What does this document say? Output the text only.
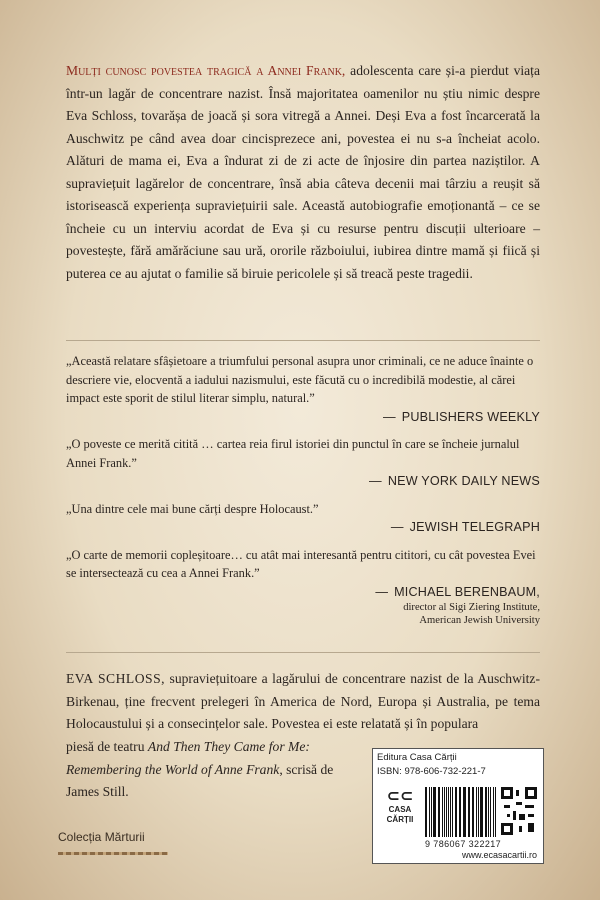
Mulți cunosc povestea tragică a Annei Frank, adolescenta care și-a pierdut viața într-un lagăr de concentrare nazist. Însă majoritatea oamenilor nu știu nimic despre Eva Schloss, tovarășa de joacă și sora vitregă a Annei. Deși Eva a fost încarcerată la Auschwitz pe când avea doar cincisprezece ani, povestea ei nu s-a încheiat acolo. Alături de mama ei, Eva a îndurat zi de zi acte de înjosire din partea naziștilor. A supraviețuit lagărelor de concentrare, însă abia câteva decenii mai târziu a reușit să istorisească experiența supraviețuirii sale. Această autobiografie emoționantă – ce se încheie cu un interviu acordat de Eva și cu resurse pentru discuții ulterioare – povestește, fără amărăciune sau ură, ororile războiului, iubirea dintre mamă și fiică și puterea ce au ajutat o familie să biruie pericolele și să treacă peste tragedii.
„Această relatare sfâșietoare a triumfului personal asupra unor criminali, ce ne aduce înainte o descriere vie, elocventă a iadului nazismului, este făcută cu o incredibilă modestie, al cărei impact este sporit de stilul literar simplu, natural.”
— PUBLISHERS WEEKLY
„O poveste ce merită citită … cartea reia firul istoriei din punctul în care se încheie jurnalul Annei Frank.”
— NEW YORK DAILY NEWS
„Una dintre cele mai bune cărți despre Holocaust.”
— JEWISH TELEGRAPH
„O carte de memorii copleșitoare… cu atât mai interesantă pentru cititori, cu cât povestea Evei se intersectează cu cea a Annei Frank.”
— MICHAEL BERENBAUM,
director al Sigi Ziering Institute,
American Jewish University
EVA SCHLOSS, supraviețuitoare a lagărului de concentrare nazist de la Auschwitz-Birkenau, ține frecvent prelegeri în America de Nord, Europa și Australia, pe tema Holocaustului și a consecințelor sale. Povestea ei este relatată și în populara
piesă de teatru And Then They Came for Me: Remembering the World of Anne Frank, scrisă de James Still.
Editura Casa Cărții
ISBN: 978-606-732-221-7
⊂⊂
CASA
CĂRȚII
9 786067 322217
www.ecasacartii.ro
Colecția Mărturii
